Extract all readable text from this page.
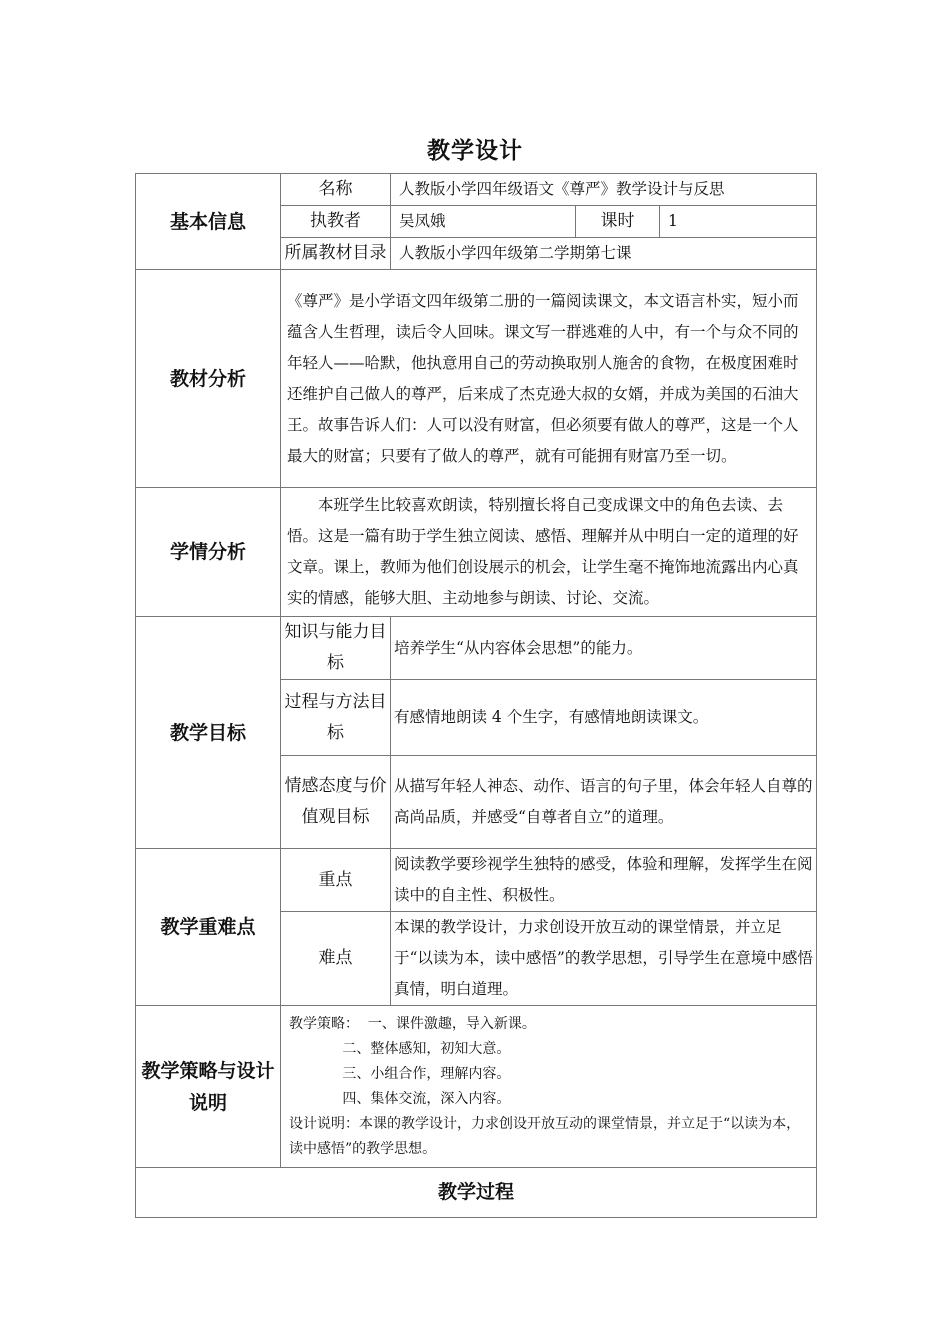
教学设计
基本信息	名称	人教版小学四年级语文《尊严》教学设计与反思		
	执教者	吴凤娥	课时	1
	所属教材目录	人教版小学四年级第二学期第七课		
教材分析	《尊严》是小学语文四年级第二册的一篇阅读课文，本文语言朴实，短小而蕴含人生哲理，读后令人回味。课文写一群逃难的人中，有一个与众不同的年轻人——哈默，他执意用自己的劳动换取别人施舍的食物，在极度困难时还维护自己做人的尊严，后来成了杰克逊大叔的女婿，并成为美国的石油大王。故事告诉人们：人可以没有财富，但必须要有做人的尊严，这是一个人最大的财富；只要有了做人的尊严，就有可能拥有财富乃至一切。			
学情分析	本班学生比较喜欢朗读，特别擅长将自己变成课文中的角色去读、去悟。这是一篇有助于学生独立阅读、感悟、理解并从中明白一定的道理的好文章。课上，教师为他们创设展示的机会，让学生毫不掩饰地流露出内心真实的情感，能够大胆、主动地参与朗读、讨论、交流。			
教学目标	知识与能力目标	培养学生“从内容体会思想”的能力。		
	过程与方法目标	有感情地朗读 4 个生字，有感情地朗读课文。		
	情感态度与价值观目标	从描写年轻人神态、动作、语言的句子里，体会年轻人自尊的高尚品质，并感受“自尊者自立”的道理。		
教学重难点	重点	阅读教学要珍视学生独特的感受，体验和理解，发挥学生在阅读中的自主性、积极性。		
	难点	本课的教学设计，力求创设开放互动的课堂情景，并立足于“以读为本，读中感悟”的教学思想，引导学生在意境中感悟真情，明白道理。		
教学策略与设计说明	教学策略：  一、课件激趣，导入新课。
二、整体感知，初知大意。
三、小组合作，理解内容。
四、集体交流，深入内容。
设计说明：本课的教学设计，力求创设开放互动的课堂情景，并立足于“以读为本，读中感悟”的教学思想。			

教学过程				
